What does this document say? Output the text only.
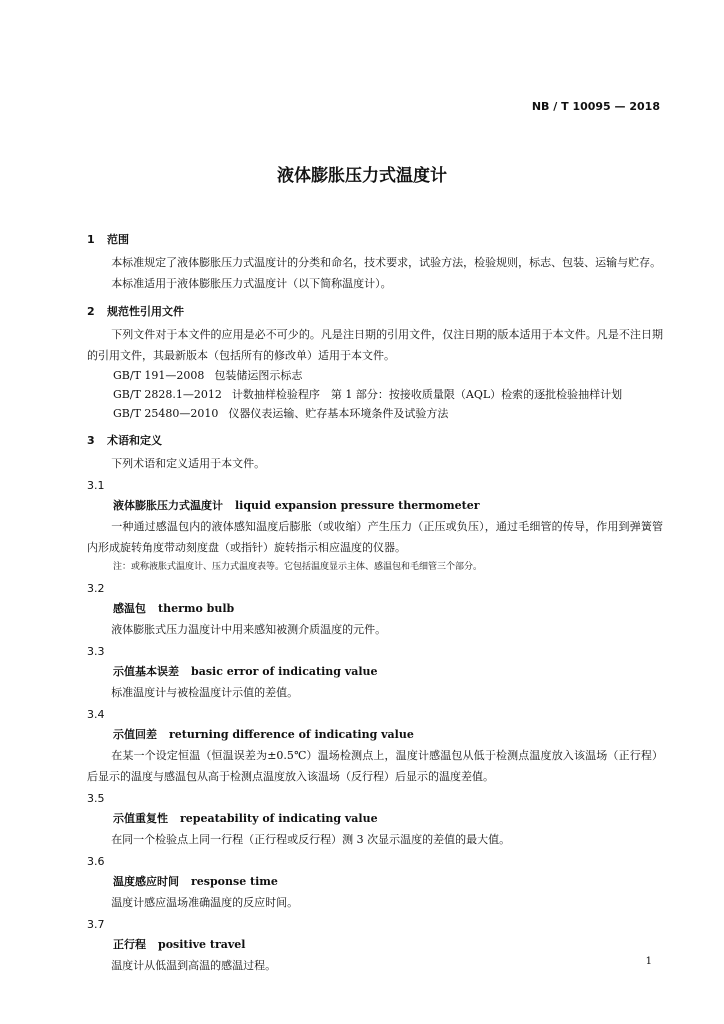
NB / T 10095 — 2018
液体膨胀压力式温度计
1 范围

本标准规定了液体膨胀压力式温度计的分类和命名，技术要求，试验方法，检验规则，标志、包装、运输与贮存。

本标准适用于液体膨胀压力式温度计（以下简称温度计）。

2 规范性引用文件

下列文件对于本文件的应用是必不可少的。凡是注日期的引用文件，仅注日期的版本适用于本文件。凡是不注日期的引用文件，其最新版本（包括所有的修改单）适用于本文件。

GB/T 191—2008 包装储运图示标志
GB/T 2828.1—2012 计数抽样检验程序　第 1 部分：按接收质量限（AQL）检索的逐批检验抽样计划
GB/T 25480—2010 仪器仪表运输、贮存基本环境条件及试验方法
3 术语和定义

下列术语和定义适用于本文件。

3.1
液体膨胀压力式温度计 liquid expansion pressure thermometer

一种通过感温包内的液体感知温度后膨胀（或收缩）产生压力（正压或负压），通过毛细管的传导，作用到弹簧管内形成旋转角度带动刻度盘（或指针）旋转指示相应温度的仪器。

注：或称液胀式温度计、压力式温度表等。它包括温度显示主体、感温包和毛细管三个部分。
3.2
感温包 thermo bulb

液体膨胀式压力温度计中用来感知被测介质温度的元件。

3.3
示值基本误差 basic error of indicating value

标准温度计与被检温度计示值的差值。

3.4
示值回差 returning difference of indicating value

在某一个设定恒温（恒温误差为±0.5℃）温场检测点上，温度计感温包从低于检测点温度放入该温场（正行程）后显示的温度与感温包从高于检测点温度放入该温场（反行程）后显示的温度差值。

3.5
示值重复性 repeatability of indicating value

在同一个检验点上同一行程（正行程或反行程）测 3 次显示温度的差值的最大值。

3.6
温度感应时间 response time

温度计感应温场准确温度的反应时间。

3.7
正行程 positive travel

温度计从低温到高温的感温过程。	1
